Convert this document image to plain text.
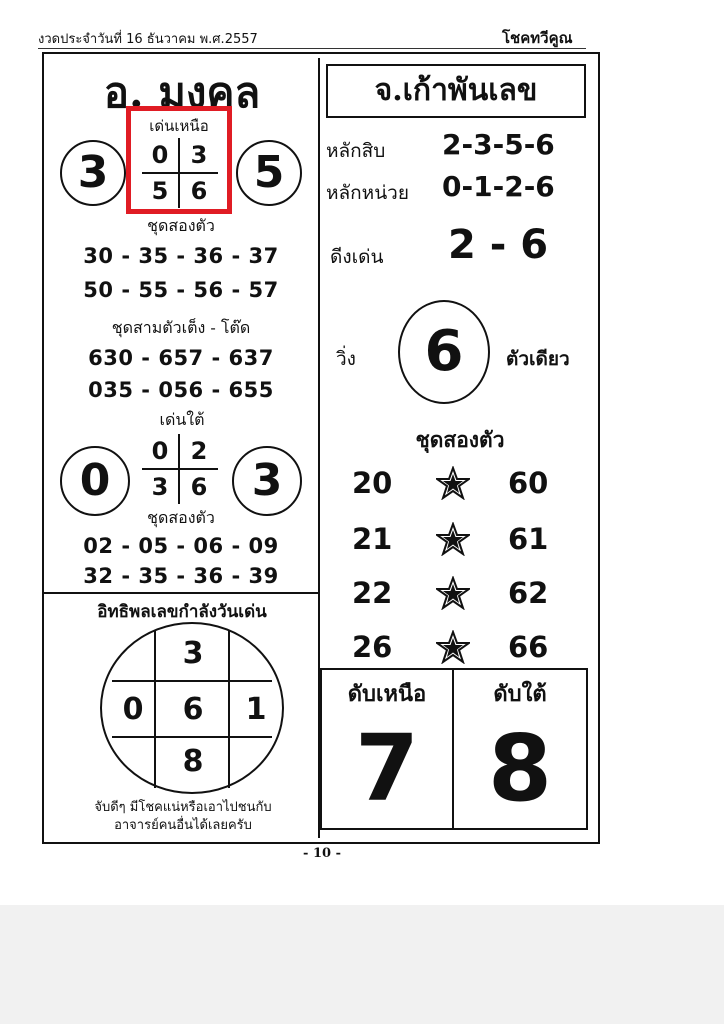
งวดประจำวันที่ 16 ธันวาคม พ.ศ.2557	โชคทวีคูณ
อ. มงคล
3	5
เด่นเหนือ
0 3
5 6
ชุดสองตัว
30 - 35 - 36 - 37
50 - 55 - 56 - 57
ชุดสามตัวเต็ง - โต๊ด
630 - 657 - 637
035 - 056 - 655
เด่นใต้
0	3
0 2
3 6
ชุดสองตัว
02 - 05 - 06 - 09
32 - 35 - 36 - 39
อิทธิพลเลขกำลังวันเด่น
3
0	6	1
8
จับดีๆ มีโชคแน่หรือเอาไปชนกับ
อาจารย์คนอื่นได้เลยครับ
จ.เก้าพันเลข
หลักสิบ 2-3-5-6
หลักหน่วย 0-1-2-6
ดีงเด่น 2 - 6
วิ่ง	6	ตัวเดียว
ชุดสองตัว
20	60
21	61
22	62
26	66
ดับเหนือ	ดับใต้
7 8
- 10 -
